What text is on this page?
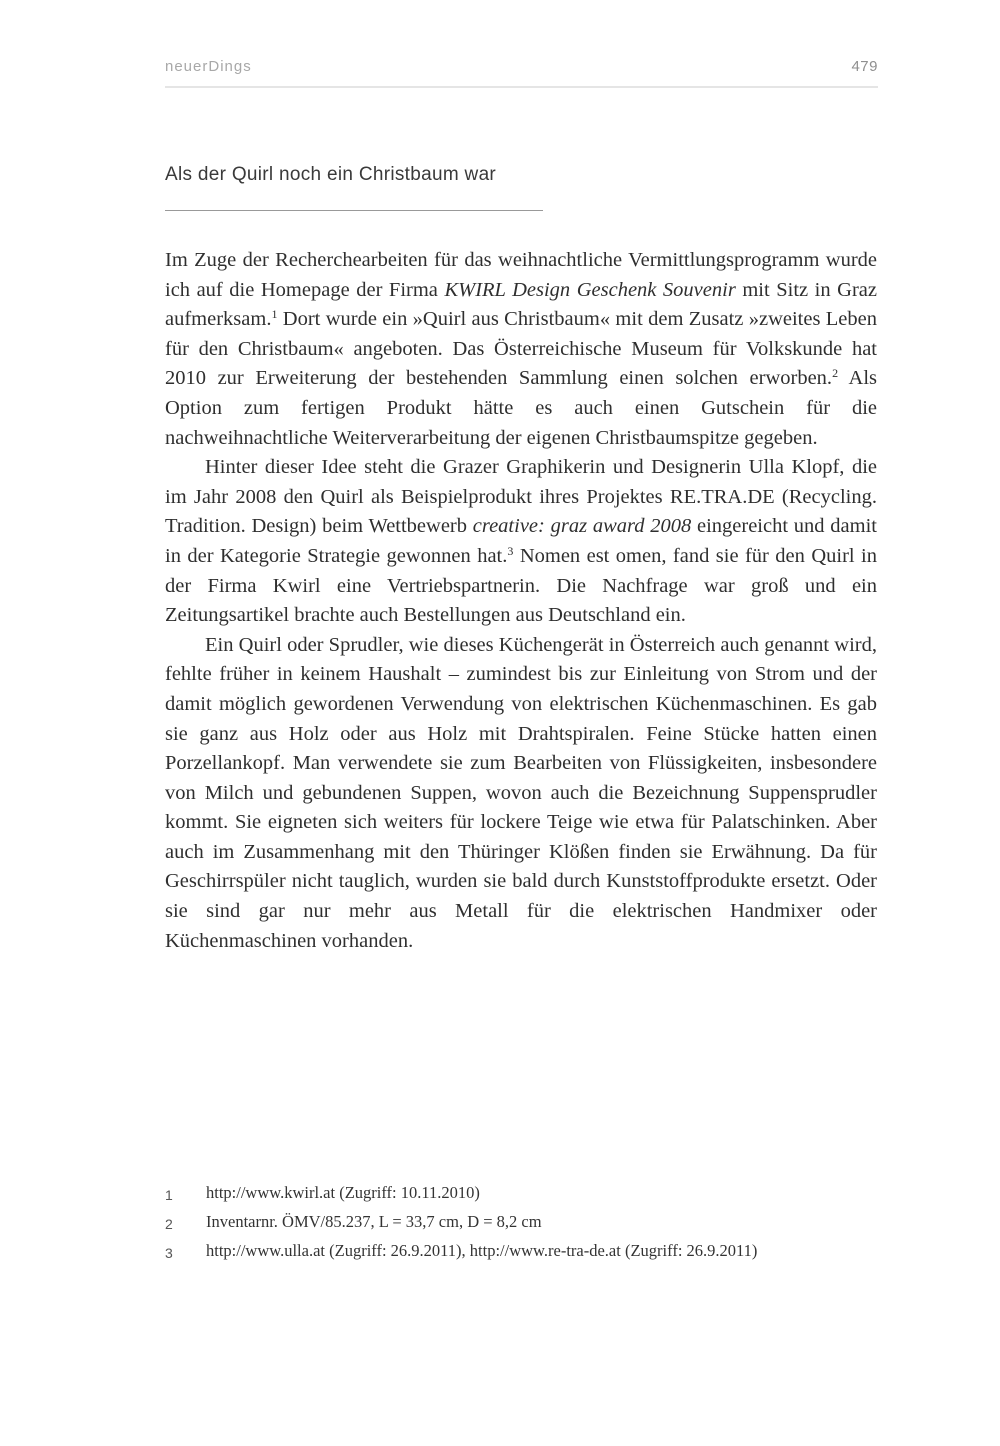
neuerDings	479
Als der Quirl noch ein Christbaum war

Im Zuge der Recherchearbeiten für das weihnachtliche Vermittlungsprogramm wurde ich auf die Homepage der Firma KWIRL Design Geschenk Souvenir mit Sitz in Graz aufmerksam.$^1$ Dort wurde ein »Quirl aus Christbaum« mit dem Zusatz »zweites Leben für den Christbaum« angeboten. Das Österreichische Museum für Volkskunde hat 2010 zur Erweiterung der bestehenden Sammlung einen solchen erworben.$^2$ Als Option zum fertigen Produkt hätte es auch einen Gutschein für die nachweihnachtliche Weiterverarbeitung der eigenen Christbaumspitze gegeben.

Hinter dieser Idee steht die Grazer Graphikerin und Designerin Ulla Klopf, die im Jahr 2008 den Quirl als Beispielprodukt ihres Projektes RE.TRA.DE (Recycling. Tradition. Design) beim Wettbewerb creative: graz award 2008 eingereicht und damit in der Kategorie Strategie gewonnen hat.$^3$ Nomen est omen, fand sie für den Quirl in der Firma Kwirl eine Vertriebspartnerin. Die Nachfrage war groß und ein Zeitungsartikel brachte auch Bestellungen aus Deutschland ein.

Ein Quirl oder Sprudler, wie dieses Küchengerät in Österreich auch genannt wird, fehlte früher in keinem Haushalt – zumindest bis zur Einleitung von Strom und der damit möglich gewordenen Verwendung von elektrischen Küchenmaschinen. Es gab sie ganz aus Holz oder aus Holz mit Drahtspiralen. Feine Stücke hatten einen Porzellankopf. Man verwendete sie zum Bearbeiten von Flüssigkeiten, insbesondere von Milch und gebundenen Suppen, wovon auch die Bezeichnung Suppensprudler kommt. Sie eigneten sich weiters für lockere Teige wie etwa für Palatschinken. Aber auch im Zusammenhang mit den Thüringer Klößen finden sie Erwähnung. Da für Geschirrspüler nicht tauglich, wurden sie bald durch Kunststoffprodukte ersetzt. Oder sie sind gar nur mehr aus Metall für die elektrischen Handmixer oder Küchenmaschinen vorhanden.

1	http://www.kwirl.at (Zugriff: 10.11.2010)
2	Inventarnr. ÖMV/85.237, L = 33,7 cm, D = 8,2 cm
3	http://www.ulla.at (Zugriff: 26.9.2011), http://www.re-tra-de.at (Zugriff: 26.9.2011)
